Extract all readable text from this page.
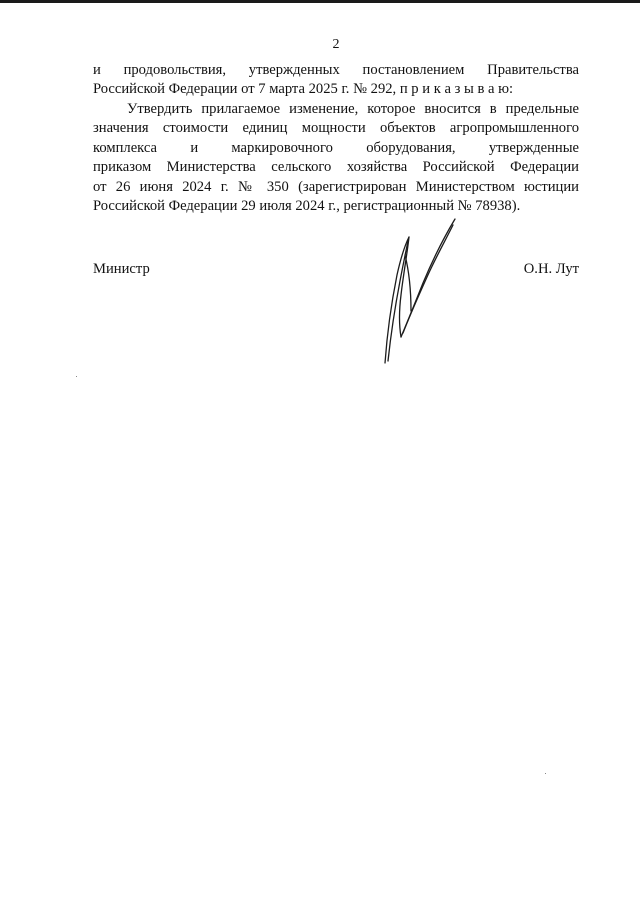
2

и продовольствия, утвержденных постановлением Правительства
Российской Федерации от 7 марта 2025 г. № 292, п р и к а з ы в а ю:

Утвердить прилагаемое изменение, которое вносится в предельные
значения стоимости единиц мощности объектов агропромышленного
комплекса и маркировочного оборудования, утвержденные
приказом Министерства сельского хозяйства Российской Федерации
от 26 июня 2024 г. № 350 (зарегистрирован Министерством юстиции
Российской Федерации 29 июля 2024 г., регистрационный № 78938).

Министр	О.Н. Лут
